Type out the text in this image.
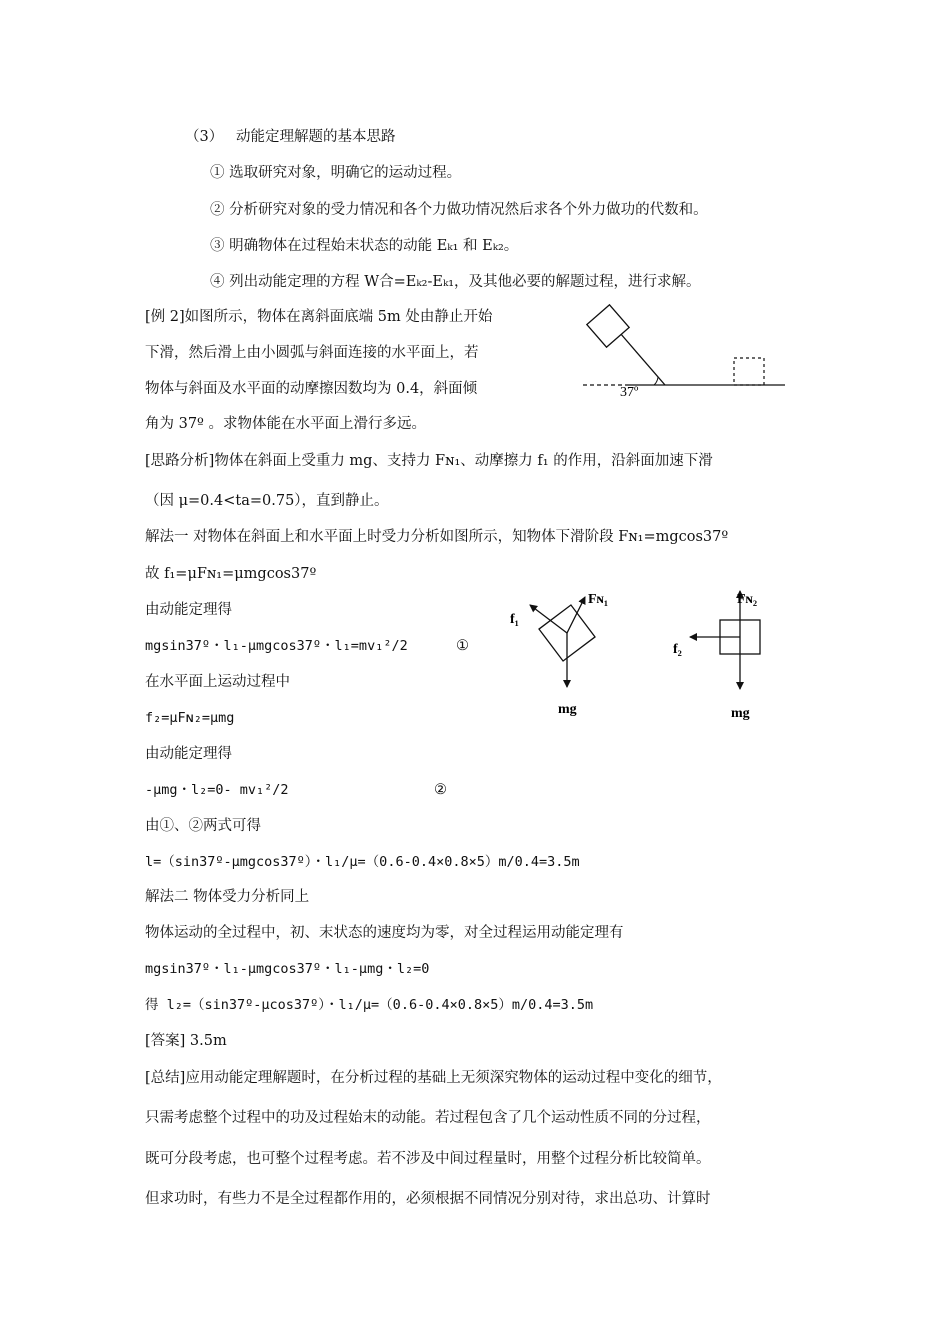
（3） 动能定理解题的基本思路
① 选取研究对象，明确它的运动过程。
② 分析研究对象的受力情况和各个力做功情况然后求各个外力做功的代数和。
③ 明确物体在过程始末状态的动能 Eₖ₁ 和 Eₖ₂。
④ 列出动能定理的方程 W合=Eₖ₂-Eₖ₁，及其他必要的解题过程，进行求解。
[例 2]如图所示，物体在离斜面底端 5m 处由静止开始
下滑，然后滑上由小圆弧与斜面连接的水平面上，若
物体与斜面及水平面的动摩擦因数均为 0.4，斜面倾
角为 37º 。求物体能在水平面上滑行多远。
37º
[思路分析]物体在斜面上受重力 mg、支持力 Fɴ₁、动摩擦力 f₁ 的作用，沿斜面加速下滑
（因 μ=0.4<ta=0.75），直到静止。
解法一 对物体在斜面上和水平面上时受力分析如图所示，知物体下滑阶段 Fɴ₁=mgcos37º
故 f₁=μFɴ₁=μmgcos37º
由动能定理得
mgsin37º・l₁-μmgcos37º・l₁=mv₁²/2	①
在水平面上运动过程中
f₂=μFɴ₂=μmg
由动能定理得
-μmg・l₂=0- mv₁²/2	②
由①、②两式可得
l=（sin37º-μmgcos37º）・l₁/μ=（0.6-0.4×0.8×5）m/0.4=3.5m
f₁
Fɴ₁
mg
Fɴ₂
f₂
mg
解法二 物体受力分析同上
物体运动的全过程中，初、末状态的速度均为零，对全过程运用动能定理有
mgsin37º・l₁-μmgcos37º・l₁-μmg・l₂=0
得 l₂=（sin37º-μcos37º）・l₁/μ=（0.6-0.4×0.8×5）m/0.4=3.5m
[答案] 3.5m
[总结]应用动能定理解题时，在分析过程的基础上无须深究物体的运动过程中变化的细节，
只需考虑整个过程中的功及过程始末的动能。若过程包含了几个运动性质不同的分过程，
既可分段考虑，也可整个过程考虑。若不涉及中间过程量时，用整个过程分析比较简单。
但求功时，有些力不是全过程都作用的，必须根据不同情况分别对待，求出总功、计算时
